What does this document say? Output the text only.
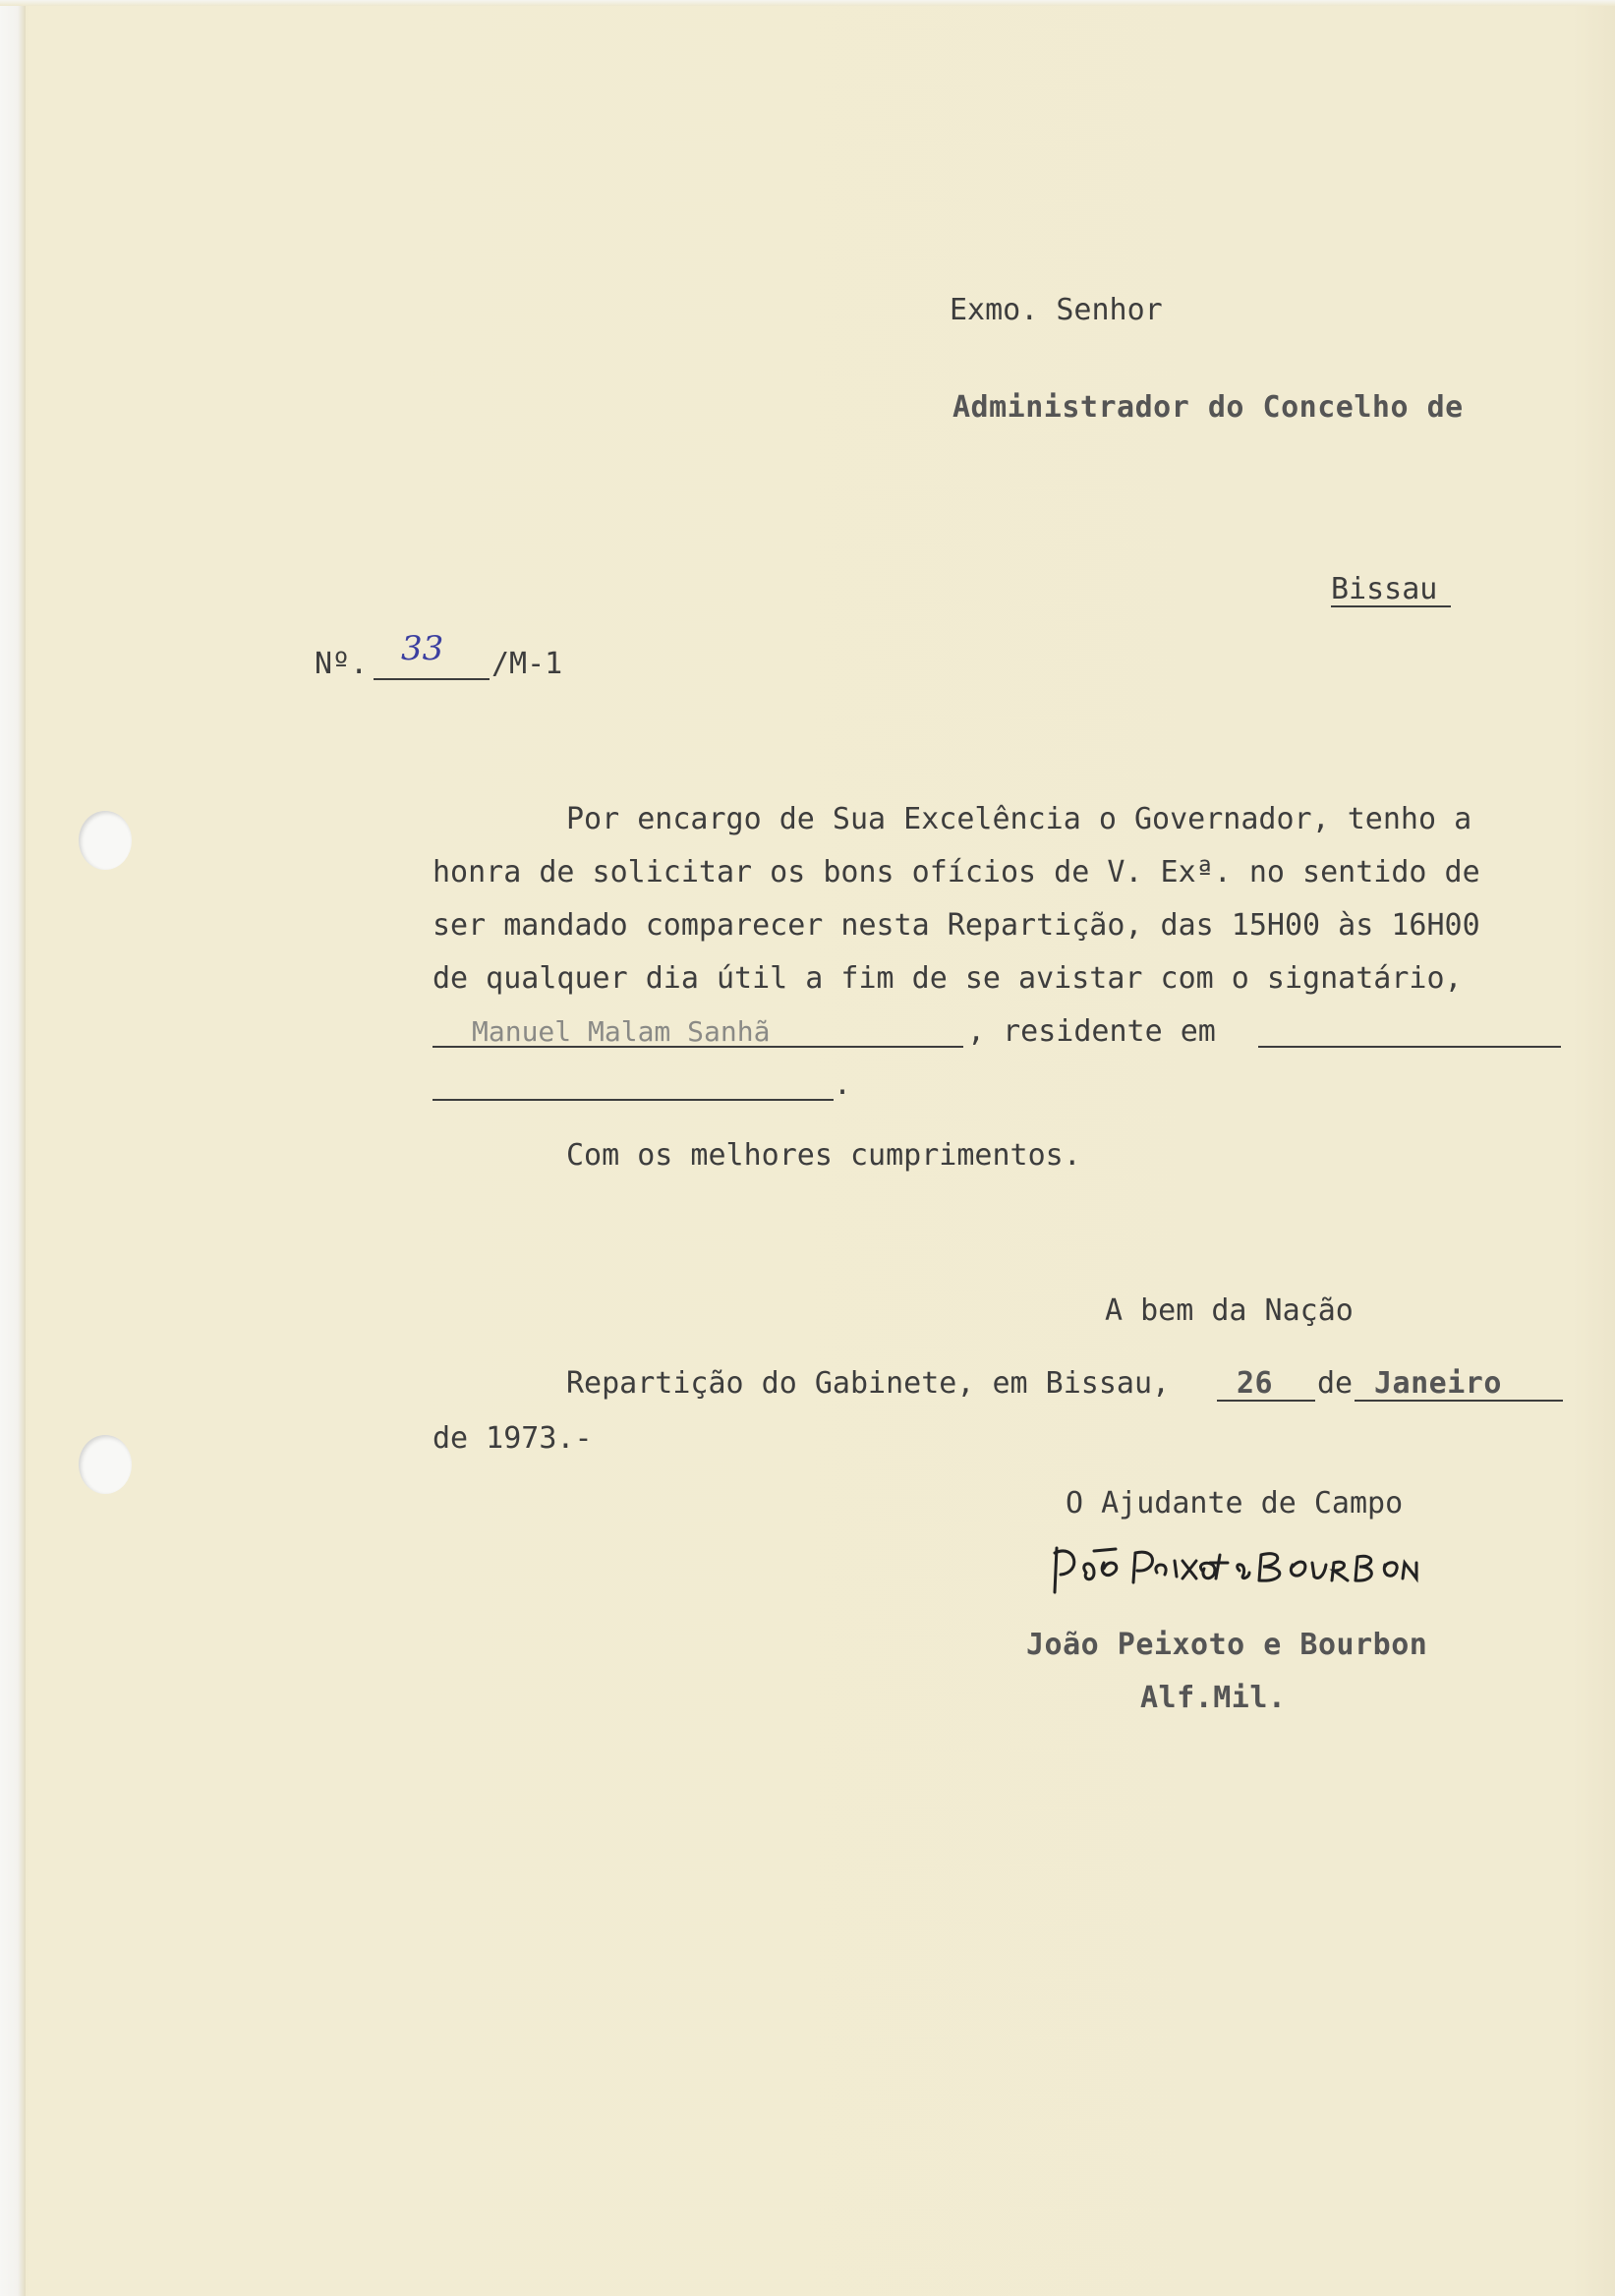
Exmo. Senhor
Administrador do Concelho de
Bissau
Nº. 33 /M-1
Por encargo de Sua Excelência o Governador, tenho a
honra de solicitar os bons ofícios de V. Exª. no sentido de
ser mandado comparecer nesta Repartição, das 15H00 às 16H00
de qualquer dia útil a fim de se avistar com o signatário,
Manuel Malam Sanhã	, residente em
.
Com os melhores cumprimentos.
A bem da Nação
Repartição do Gabinete, em Bissau, 26 de Janeiro
de 1973.-
O Ajudante de Campo
João Peixoto e Bourbon
João Peixoto e Bourbon
Alf.Mil.
